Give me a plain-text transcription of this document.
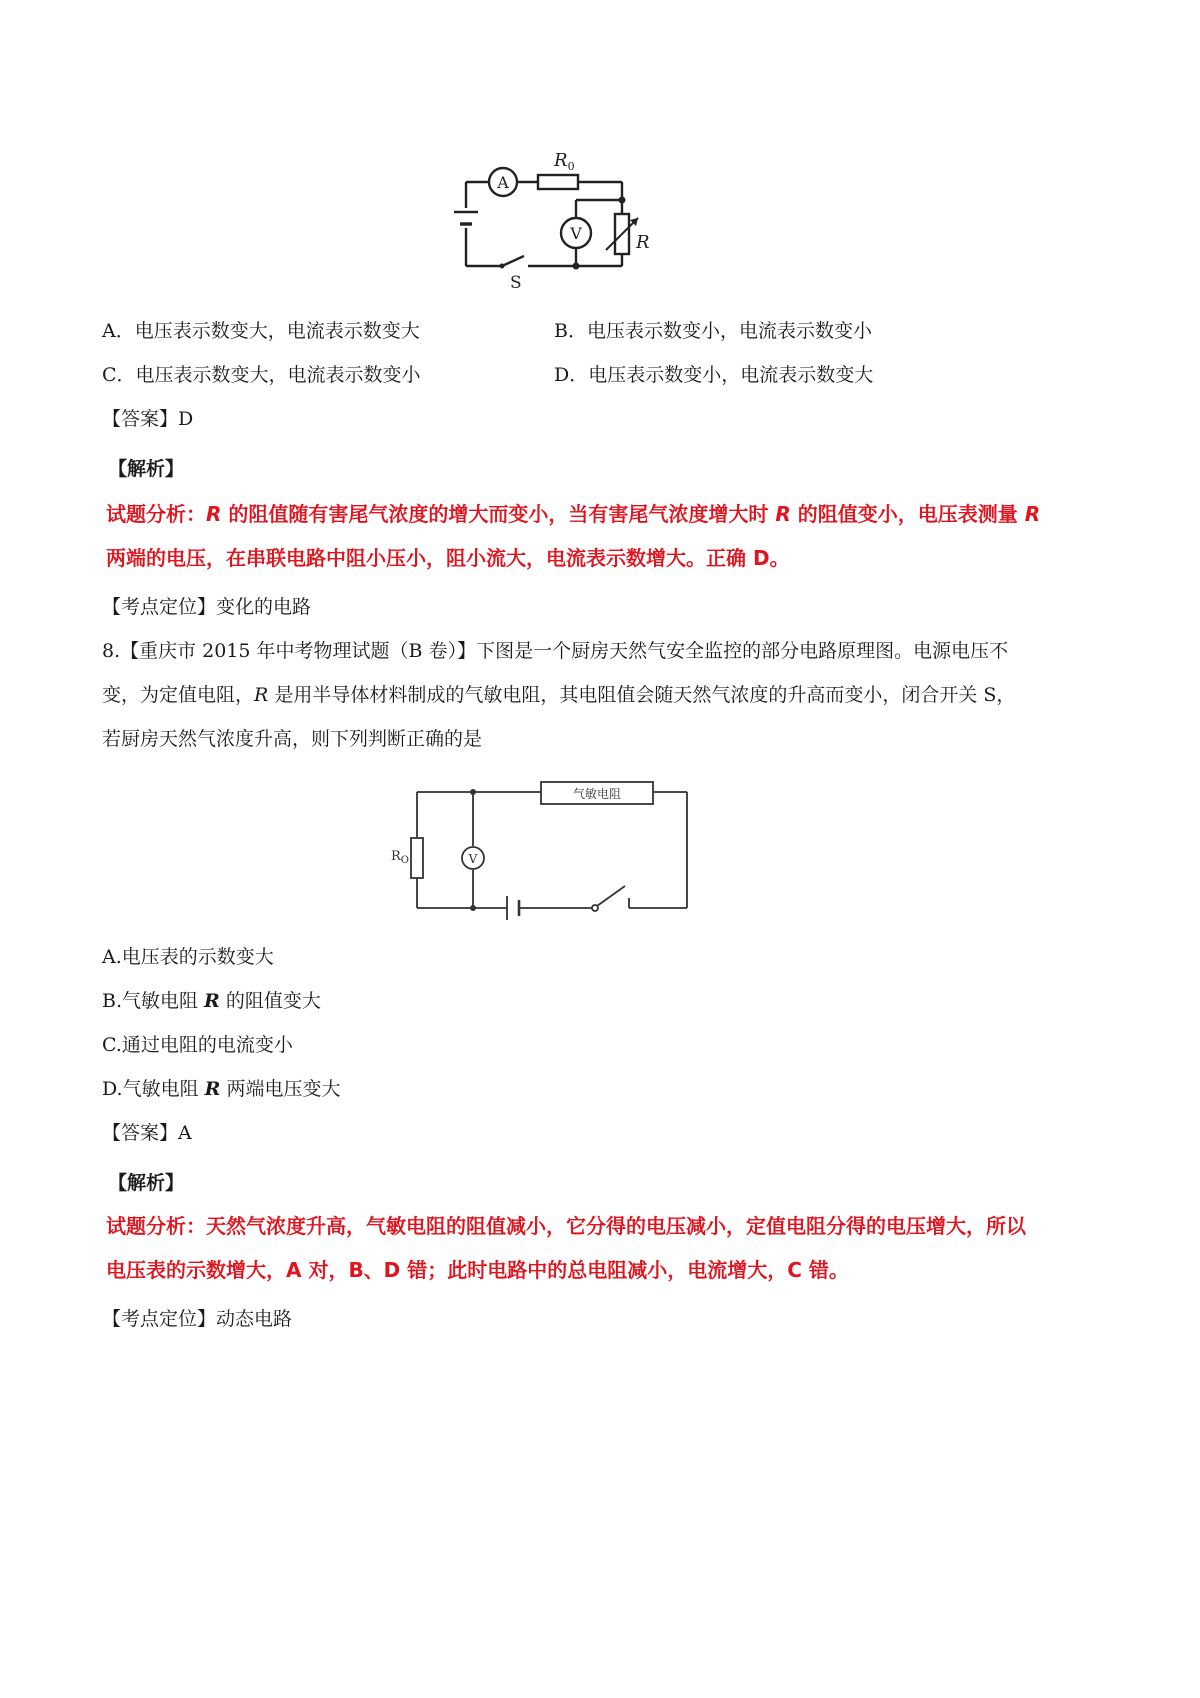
A
$R_0$
V	R
S
A．电压表示数变大，电流表示数变大	B．电压表示数变小，电流表示数变小
C．电压表示数变大，电流表示数变小	D．电压表示数变小，电流表示数变大
【答案】D
【解析】
试题分析：R 的阻值随有害尾气浓度的增大而变小，当有害尾气浓度增大时 R 的阻值变小，电压表测量 R
两端的电压，在串联电路中阻小压小，阻小流大，电流表示数增大。正确 D。
【考点定位】变化的电路
8.【重庆市 2015 年中考物理试题（B 卷）】下图是一个厨房天然气安全监控的部分电路原理图。电源电压不
变，为定值电阻，R 是用半导体材料制成的气敏电阻，其电阻值会随天然气浓度的升高而变小，闭合开关 S，
若厨房天然气浓度升高，则下列判断正确的是
气敏电阻
$R_O$	V
A.电压表的示数变大
B.气敏电阻 R 的阻值变大
C.通过电阻的电流变小
D.气敏电阻 R 两端电压变大
【答案】A
【解析】
试题分析：天然气浓度升高，气敏电阻的阻值减小，它分得的电压减小，定值电阻分得的电压增大，所以
电压表的示数增大，A 对，B、D 错；此时电路中的总电阻减小，电流增大，C 错。
【考点定位】动态电路
